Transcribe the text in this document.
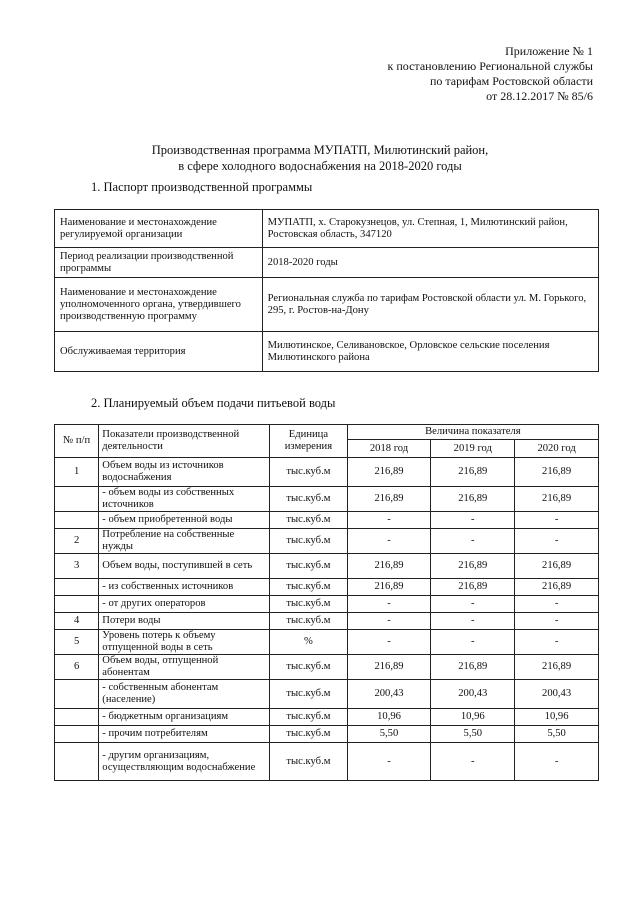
Приложение № 1
к постановлению Региональной службы
по тарифам Ростовской области
от 28.12.2017 № 85/6
Производственная программа МУПАТП, Милютинский район,
в сфере холодного водоснабжения на 2018-2020 годы
1. Паспорт производственной программы
Наименование и местонахождение регулируемой организации	МУПАТП, х. Старокузнецов, ул. Степная, 1, Милютинский район, Ростовская область, 347120
Период реализации производственной программы	2018-2020 годы
Наименование и местонахождение уполномоченного органа, утвердившего производственную программу	Региональная служба по тарифам Ростовской области ул. М. Горького, 295, г. Ростов-на-Дону
Обслуживаемая территория	Милютинское, Селивановское, Орловское сельские поселения Милютинского района
2. Планируемый объем подачи питьевой воды
№ п/п	Показатели производственной деятельности	Единица измерения	Величина показателя		
			2018 год	2019 год	2020 год
1	Объем воды из источников водоснабжения	тыс.куб.м	216,89	216,89	216,89
	- объем воды из собственных источников	тыс.куб.м	216,89	216,89	216,89
	- объем приобретенной воды	тыс.куб.м	-	-	-
2	Потребление на собственные нужды	тыс.куб.м	-	-	-
3	Объем воды, поступившей в сеть	тыс.куб.м	216,89	216,89	216,89
	- из собственных источников	тыс.куб.м	216,89	216,89	216,89
	- от других операторов	тыс.куб.м	-	-	-
4	Потери воды	тыс.куб.м	-	-	-
5	Уровень потерь к объему отпущенной воды в сеть	%	-	-	-
6	Объем воды, отпущенной абонентам	тыс.куб.м	216,89	216,89	216,89
	- собственным абонентам (население)	тыс.куб.м	200,43	200,43	200,43
	- бюджетным организациям	тыс.куб.м	10,96	10,96	10,96
	- прочим потребителям	тыс.куб.м	5,50	5,50	5,50
	- другим организациям, осуществляющим водоснабжение	тыс.куб.м	-	-	-
